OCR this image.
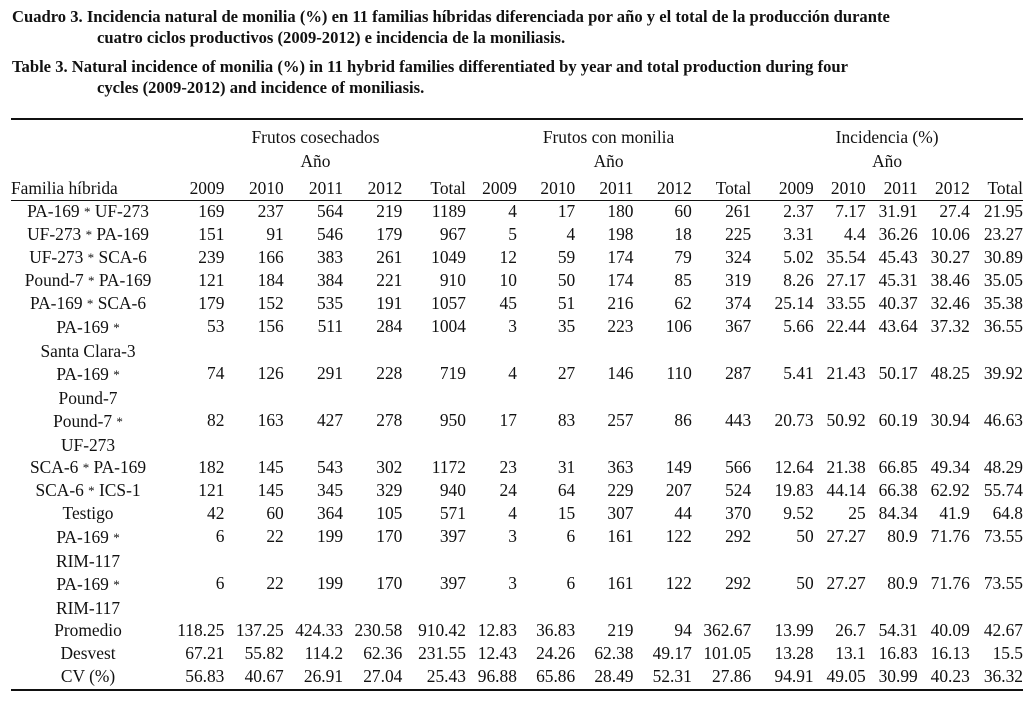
Cuadro 3. Incidencia natural de monilia (%) en 11 familias híbridas diferenciada por año y el total de la producción durante
cuatro ciclos productivos (2009-2012) e incidencia de la moniliasis.
Table 3. Natural incidence of monilia (%) in 11 hybrid families differentiated by year and total production during four
cycles (2009-2012) and incidence of moniliasis.
	Frutos cosechados					Frutos con monilia					Incidencia (%)				
	Año					Año					Año				
Familia híbrida	2009	2010	2011	2012	Total	2009	2010	2011	2012	Total	2009	2010	2011	2012	Total
PA-169 * UF-273	169	237	564	219	1189	4	17	180	60	261	2.37	7.17	31.91	27.4	21.95
UF-273 * PA-169	151	91	546	179	967	5	4	198	18	225	3.31	4.4	36.26	10.06	23.27
UF-273 * SCA-6	239	166	383	261	1049	12	59	174	79	324	5.02	35.54	45.43	30.27	30.89
Pound-7 * PA-169	121	184	384	221	910	10	50	174	85	319	8.26	27.17	45.31	38.46	35.05
PA-169 * SCA-6	179	152	535	191	1057	45	51	216	62	374	25.14	33.55	40.37	32.46	35.38
PA-169 *
Santa Clara-3	53	156	511	284	1004	3	35	223	106	367	5.66	22.44	43.64	37.32	36.55
PA-169 *
Pound-7	74	126	291	228	719	4	27	146	110	287	5.41	21.43	50.17	48.25	39.92
Pound-7 *
UF-273	82	163	427	278	950	17	83	257	86	443	20.73	50.92	60.19	30.94	46.63
SCA-6 * PA-169	182	145	543	302	1172	23	31	363	149	566	12.64	21.38	66.85	49.34	48.29
SCA-6 * ICS-1	121	145	345	329	940	24	64	229	207	524	19.83	44.14	66.38	62.92	55.74
Testigo	42	60	364	105	571	4	15	307	44	370	9.52	25	84.34	41.9	64.8
PA-169 *
RIM-117	6	22	199	170	397	3	6	161	122	292	50	27.27	80.9	71.76	73.55
PA-169 *
RIM-117	6	22	199	170	397	3	6	161	122	292	50	27.27	80.9	71.76	73.55
Promedio	118.25	137.25	424.33	230.58	910.42	12.83	36.83	219	94	362.67	13.99	26.7	54.31	40.09	42.67
Desvest	67.21	55.82	114.2	62.36	231.55	12.43	24.26	62.38	49.17	101.05	13.28	13.1	16.83	16.13	15.5
CV (%)	56.83	40.67	26.91	27.04	25.43	96.88	65.86	28.49	52.31	27.86	94.91	49.05	30.99	40.23	36.32
